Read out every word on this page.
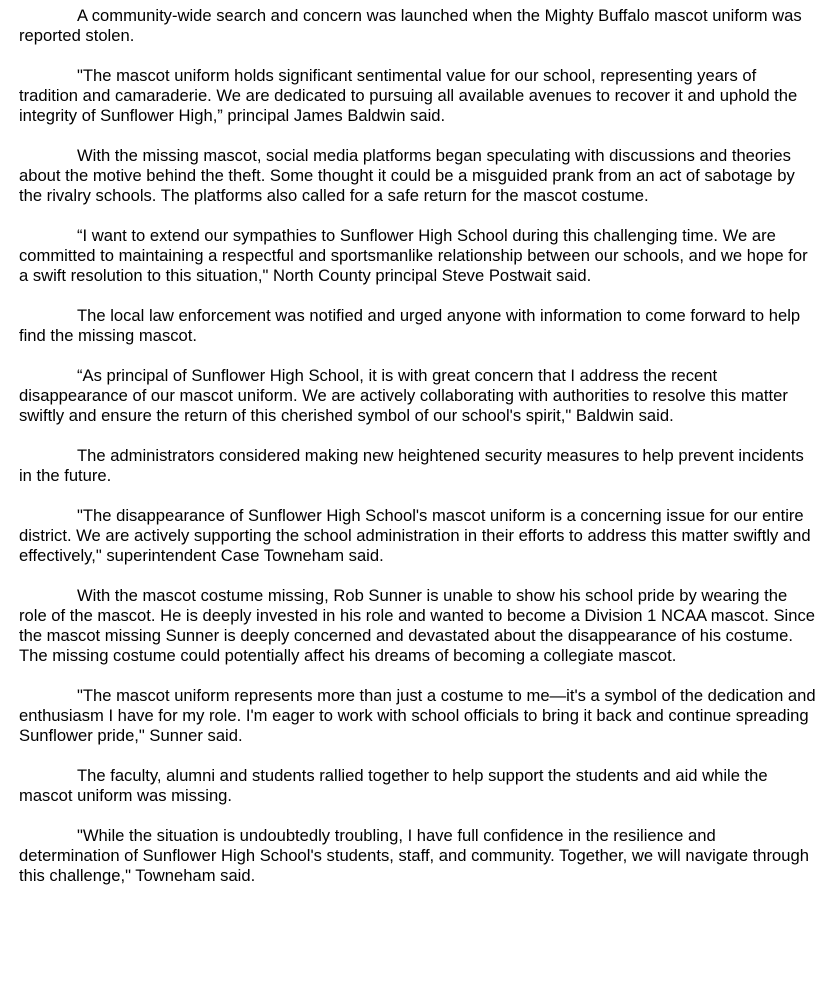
A community-wide search and concern was launched when the Mighty Buffalo mascot uniform was reported stolen.

"The mascot uniform holds significant sentimental value for our school, representing years of tradition and camaraderie. We are dedicated to pursuing all available avenues to recover it and uphold the integrity of Sunflower High,” principal James Baldwin said.

With the missing mascot, social media platforms began speculating with discussions and theories about the motive behind the theft. Some thought it could be a misguided prank from an act of sabotage by the rivalry schools. The platforms also called for a safe return for the mascot costume.

“I want to extend our sympathies to Sunflower High School during this challenging time. We are committed to maintaining a respectful and sportsmanlike relationship between our schools, and we hope for a swift resolution to this situation," North County principal Steve Postwait said.

The local law enforcement was notified and urged anyone with information to come forward to help find the missing mascot.

“As principal of Sunflower High School, it is with great concern that I address the recent disappearance of our mascot uniform. We are actively collaborating with authorities to resolve this matter swiftly and ensure the return of this cherished symbol of our school's spirit," Baldwin said.

The administrators considered making new heightened security measures to help prevent incidents in the future.

"The disappearance of Sunflower High School's mascot uniform is a concerning issue for our entire district. We are actively supporting the school administration in their efforts to address this matter swiftly and effectively," superintendent Case Towneham said.

With the mascot costume missing, Rob Sunner is unable to show his school pride by wearing the role of the mascot. He is deeply invested in his role and wanted to become a Division 1 NCAA mascot. Since the mascot missing Sunner is deeply concerned and devastated about the disappearance of his costume. The missing costume could potentially affect his dreams of becoming a collegiate mascot.

"The mascot uniform represents more than just a costume to me—it's a symbol of the dedication and enthusiasm I have for my role. I'm eager to work with school officials to bring it back and continue spreading Sunflower pride," Sunner said.

The faculty, alumni and students rallied together to help support the students and aid while the mascot uniform was missing.

"While the situation is undoubtedly troubling, I have full confidence in the resilience and determination of Sunflower High School's students, staff, and community. Together, we will navigate through this challenge," Towneham said.
